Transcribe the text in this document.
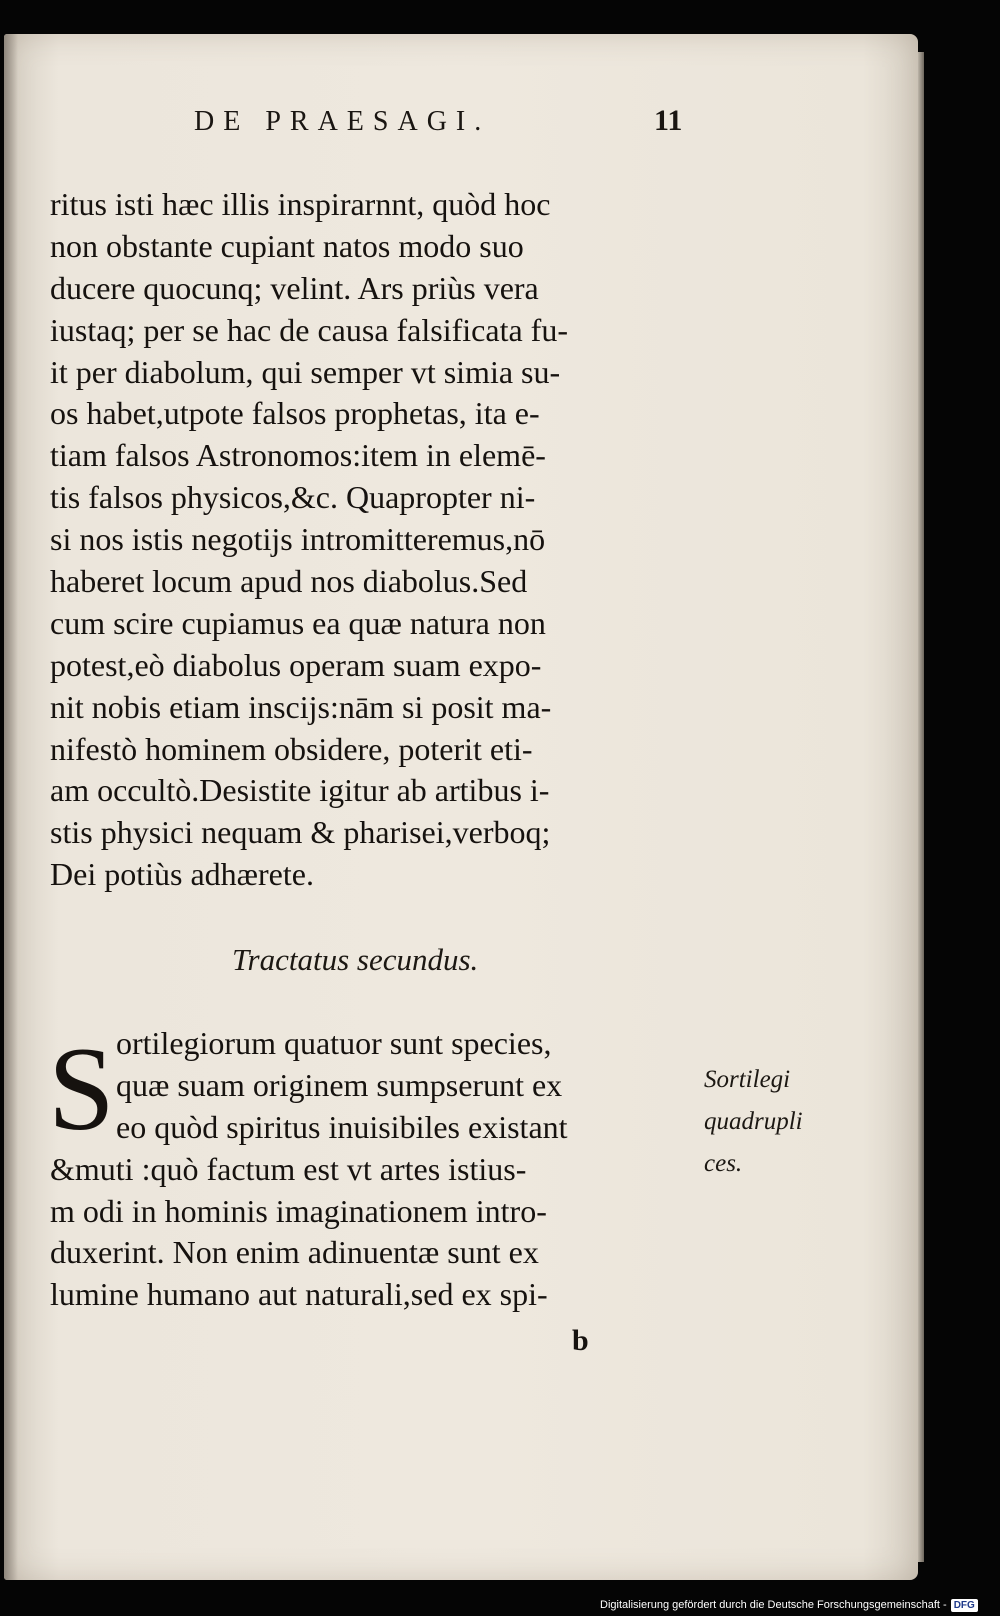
DE PRAESAGI.	11
ritus isti hæc illis inspirarnnt, quòd hoc
non obstante cupiant natos modo suo
ducere quocunq; velint. Ars priùs vera
iustaq; per se hac de causa falsificata fu-
it per diabolum, qui semper vt simia su-
os habet,utpote falsos prophetas, ita e-
tiam falsos Astronomos:item in elemē-
tis falsos physicos,&c. Quapropter ni-
si nos istis negotijs intromitteremus,nō
haberet locum apud nos diabolus.Sed
cum scire cupiamus ea quæ natura non
potest,eò diabolus operam suam expo-
nit nobis etiam inscijs:nām si posit ma-
nifestò hominem obsidere, poterit eti-
am occultò.Desistite igitur ab artibus i-
stis physici nequam & pharisei,verboq;
Dei potiùs adhærete.
Tractatus secundus.
S ortilegiorum quatuor sunt species,
quæ suam originem sumpserunt ex
eo quòd spiritus inuisibiles existant
&muti :quò factum est vt artes istius-
m odi in hominis imaginationem intro-
duxerint. Non enim adinuentæ sunt ex
lumine humano aut naturali,sed ex spi-
Sortilegi
quadrupli
ces.
b
Digitalisierung gefördert durch die Deutsche Forschungsgemeinschaft - DFG
